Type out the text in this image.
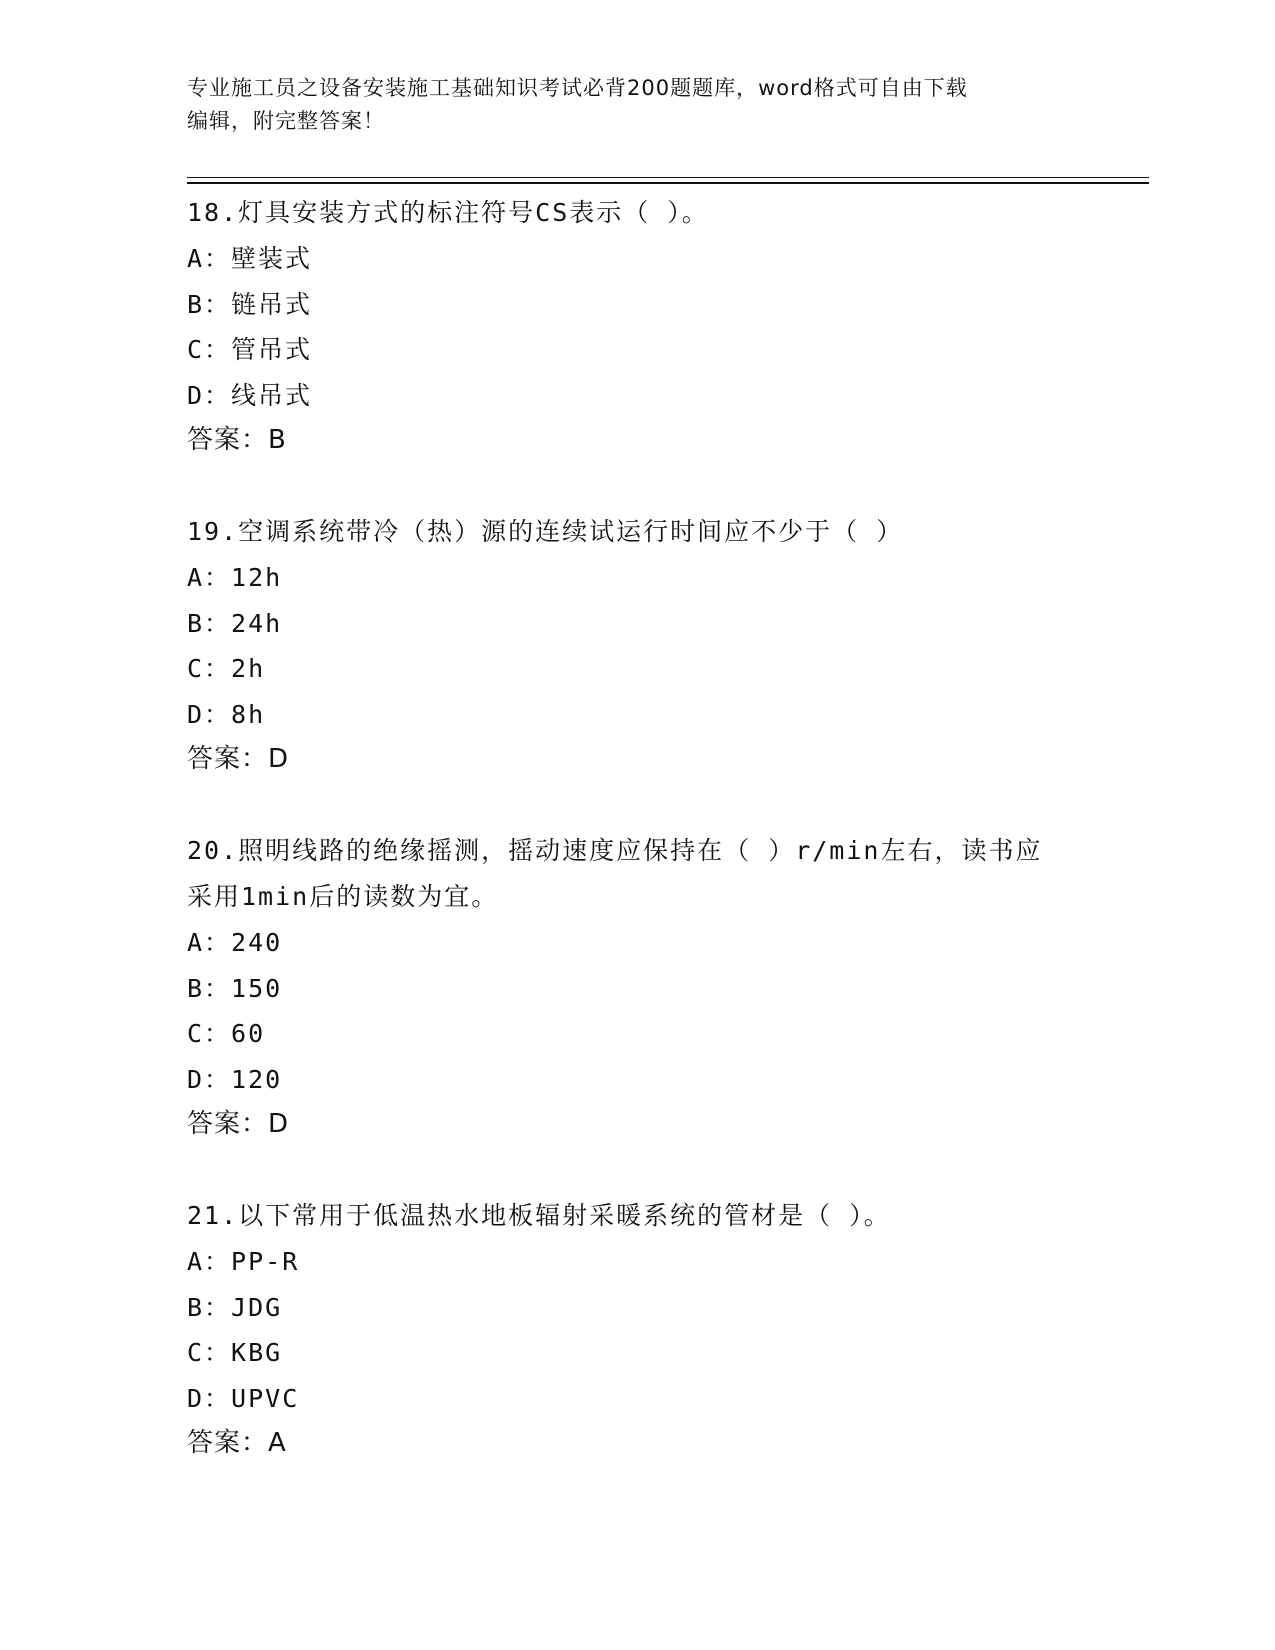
专业施工员之设备安装施工基础知识考试必背200题题库，word格式可自由下载
编辑，附完整答案！

18.灯具安装方式的标注符号CS表示（ ）。

A：壁装式

B：链吊式

C：管吊式

D：线吊式

答案：B

19.空调系统带冷（热）源的连续试运行时间应不少于（ ）

A：12h

B：24h

C：2h

D：8h

答案：D

20.照明线路的绝缘摇测，摇动速度应保持在（ ）r/min左右，读书应

采用1min后的读数为宜。

A：240

B：150

C：60

D：120

答案：D

21.以下常用于低温热水地板辐射采暖系统的管材是（ ）。

A：PP-R

B：JDG

C：KBG

D：UPVC

答案：A
